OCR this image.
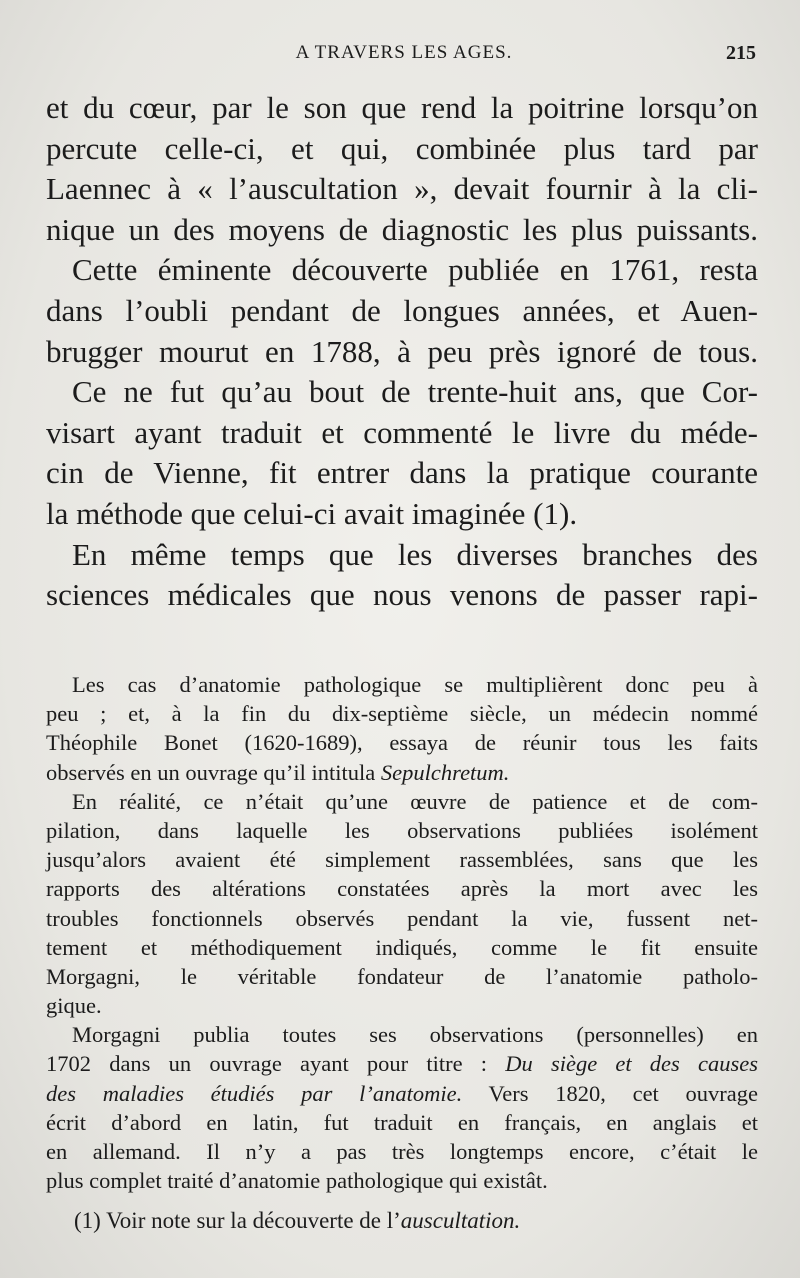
A TRAVERS LES AGES.	215
et du cœur, par le son que rend la poitrine lorsqu’on
percute celle-ci, et qui, combinée plus tard par
Laennec à « l’auscultation », devait fournir à la cli-
nique un des moyens de diagnostic les plus puissants.
Cette éminente découverte publiée en 1761, resta
dans l’oubli pendant de longues années, et Auen-
brugger mourut en 1788, à peu près ignoré de tous.
Ce ne fut qu’au bout de trente-huit ans, que Cor-
visart ayant traduit et commenté le livre du méde-
cin de Vienne, fit entrer dans la pratique courante
la méthode que celui-ci avait imaginée (1).
En même temps que les diverses branches des
sciences médicales que nous venons de passer rapi-
Les cas d’anatomie pathologique se multiplièrent donc peu à
peu ; et, à la fin du dix-septième siècle, un médecin nommé
Théophile Bonet (1620-1689), essaya de réunir tous les faits
observés en un ouvrage qu’il intitula Sepulchretum.
En réalité, ce n’était qu’une œuvre de patience et de com-
pilation, dans laquelle les observations publiées isolément
jusqu’alors avaient été simplement rassemblées, sans que les
rapports des altérations constatées après la mort avec les
troubles fonctionnels observés pendant la vie, fussent net-
tement et méthodiquement indiqués, comme le fit ensuite
Morgagni, le véritable fondateur de l’anatomie patholo-
gique.
Morgagni publia toutes ses observations (personnelles) en
1702 dans un ouvrage ayant pour titre : Du siège et des causes
des maladies étudiés par l’anatomie. Vers 1820, cet ouvrage
écrit d’abord en latin, fut traduit en français, en anglais et
en allemand. Il n’y a pas très longtemps encore, c’était le
plus complet traité d’anatomie pathologique qui existât.
(1) Voir note sur la découverte de l’auscultation.
